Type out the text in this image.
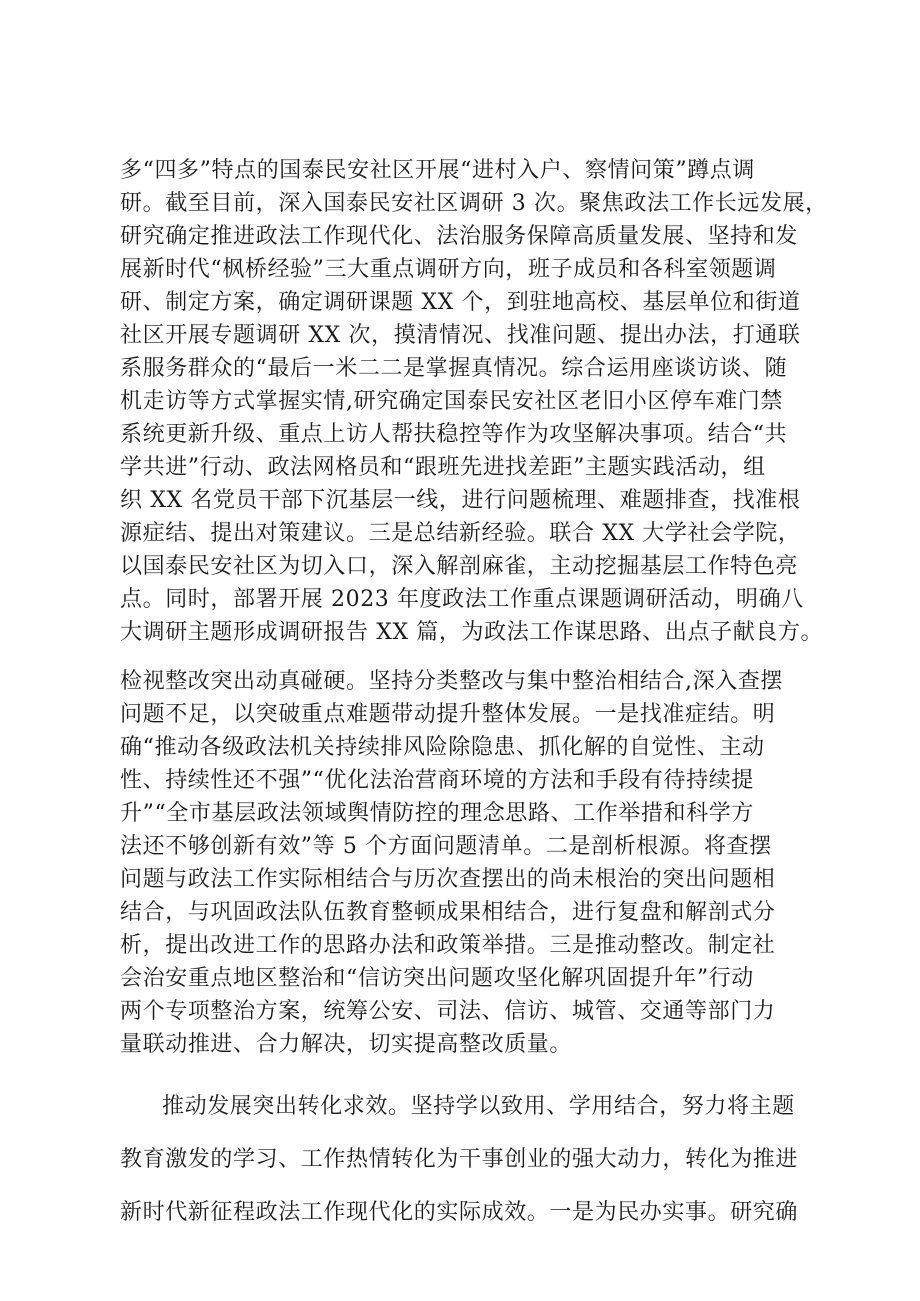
多“四多”特点的国泰民安社区开展“进村入户、察情问策”蹲点调
研。截至目前，深入国泰民安社区调研 3 次。聚焦政法工作长远发展，
研究确定推进政法工作现代化、法治服务保障高质量发展、坚持和发
展新时代“枫桥经验”三大重点调研方向，班子成员和各科室领题调
研、制定方案，确定调研课题 XX 个，到驻地高校、基层单位和街道
社区开展专题调研 XX 次，摸清情况、找准问题、提出办法，打通联
系服务群众的“最后一米二二是掌握真情况。综合运用座谈访谈、随
机走访等方式掌握实情,研究确定国泰民安社区老旧小区停车难门禁
系统更新升级、重点上访人帮扶稳控等作为攻坚解决事项。结合“共
学共进”行动、政法网格员和“跟班先进找差距”主题实践活动，组
织 XX 名党员干部下沉基层一线，进行问题梳理、难题排查，找准根
源症结、提出对策建议。三是总结新经验。联合 XX 大学社会学院，
以国泰民安社区为切入口，深入解剖麻雀，主动挖掘基层工作特色亮
点。同时，部署开展 2023 年度政法工作重点课题调研活动，明确八
大调研主题形成调研报告 XX 篇，为政法工作谋思路、出点子献良方。
检视整改突出动真碰硬。坚持分类整改与集中整治相结合,深入查摆
问题不足，以突破重点难题带动提升整体发展。一是找准症结。明
确“推动各级政法机关持续排风险除隐患、抓化解的自觉性、主动
性、持续性还不强”“优化法治营商环境的方法和手段有待持续提
升”“全市基层政法领域舆情防控的理念思路、工作举措和科学方
法还不够创新有效”等 5 个方面问题清单。二是剖析根源。将查摆
问题与政法工作实际相结合与历次查摆出的尚未根治的突出问题相
结合，与巩固政法队伍教育整顿成果相结合，进行复盘和解剖式分
析，提出改进工作的思路办法和政策举措。三是推动整改。制定社
会治安重点地区整治和“信访突出问题攻坚化解巩固提升年”行动
两个专项整治方案，统筹公安、司法、信访、城管、交通等部门力
量联动推进、合力解决，切实提高整改质量。
推动发展突出转化求效。坚持学以致用、学用结合，努力将主题
教育激发的学习、工作热情转化为干事创业的强大动力，转化为推进
新时代新征程政法工作现代化的实际成效。一是为民办实事。研究确
